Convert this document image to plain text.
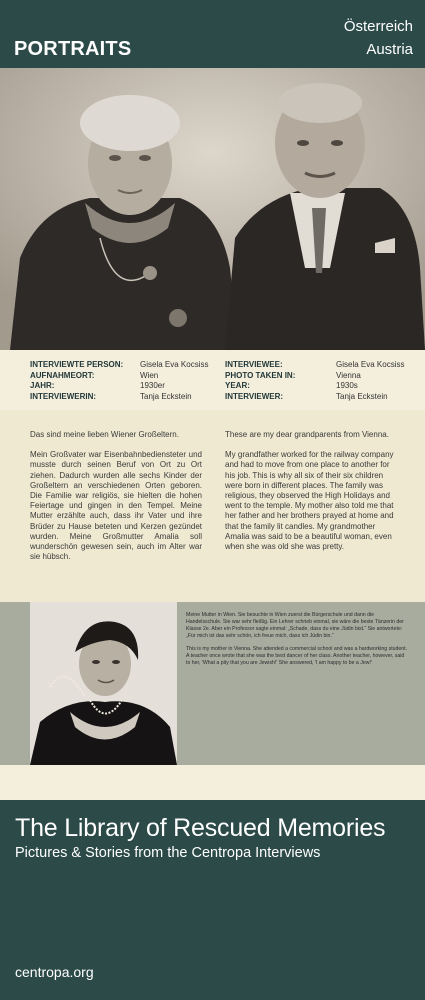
PORTRAITS
Österreich
Austria
INTERVIEWTE PERSON:
AUFNAHMEORT:
JAHR:
INTERVIEWERIN:
Gisela Eva Kocsiss
Wien
1930er
Tanja Eckstein
INTERVIEWEE:
PHOTO TAKEN IN:
YEAR:
INTERVIEWER:
Gisela Eva Kocsiss
Vienna
1930s
Tanja Eckstein

Das sind meine lieben Wiener Großeltern.

Mein Großvater war Eisenbahnbediensteter und musste durch seinen Beruf von Ort zu Ort ziehen. Dadurch wurden alle sechs Kinder der Großeltern an verschiedenen Orten geboren. Die Familie war religiös, sie hielten die hohen Feiertage und gingen in den Tempel. Meine Mutter erzählte auch, dass ihr Vater und ihre Brüder zu Hause beteten und Kerzen gezündet wurden. Meine Großmutter Amalia soll wunderschön gewesen sein, auch im Alter war sie hübsch.

These are my dear grandparents from Vienna.

My grandfather worked for the railway company and had to move from one place to another for his job. This is why all six of their six children were born in different places. The family was religious, they observed the High Holidays and went to the temple. My mother also told me that her father and her brothers prayed at home and that the family lit candles. My grandmother Amalia was said to be a beautiful woman, even when she was old she was pretty.

Meine Mutter in Wien. Sie besuchte in Wien zuerst die Bürgerschule und dann die Handelsschule. Sie war sehr fleißig. Ein Lehrer schrieb einmal, sie wäre die beste Tänzerin der Klasse 2e. Aber ein Professor sagte einmal: „Schade, dass du eine Jüdin bist.“ Sie antwortete: „Für mich ist das sehr schön, ich freue mich, dass ich Jüdin bin.“

This is my mother in Vienna. She attended a commercial school and was a hardworking student. A teacher once wrote that she was the best dancer of her class. Another teacher, however, said to her, 'What a pity that you are Jewish!' She answered, 'I am happy to be a Jew!'

The Library of Rescued Memories
Pictures & Stories from the Centropa Interviews
centropa.org
